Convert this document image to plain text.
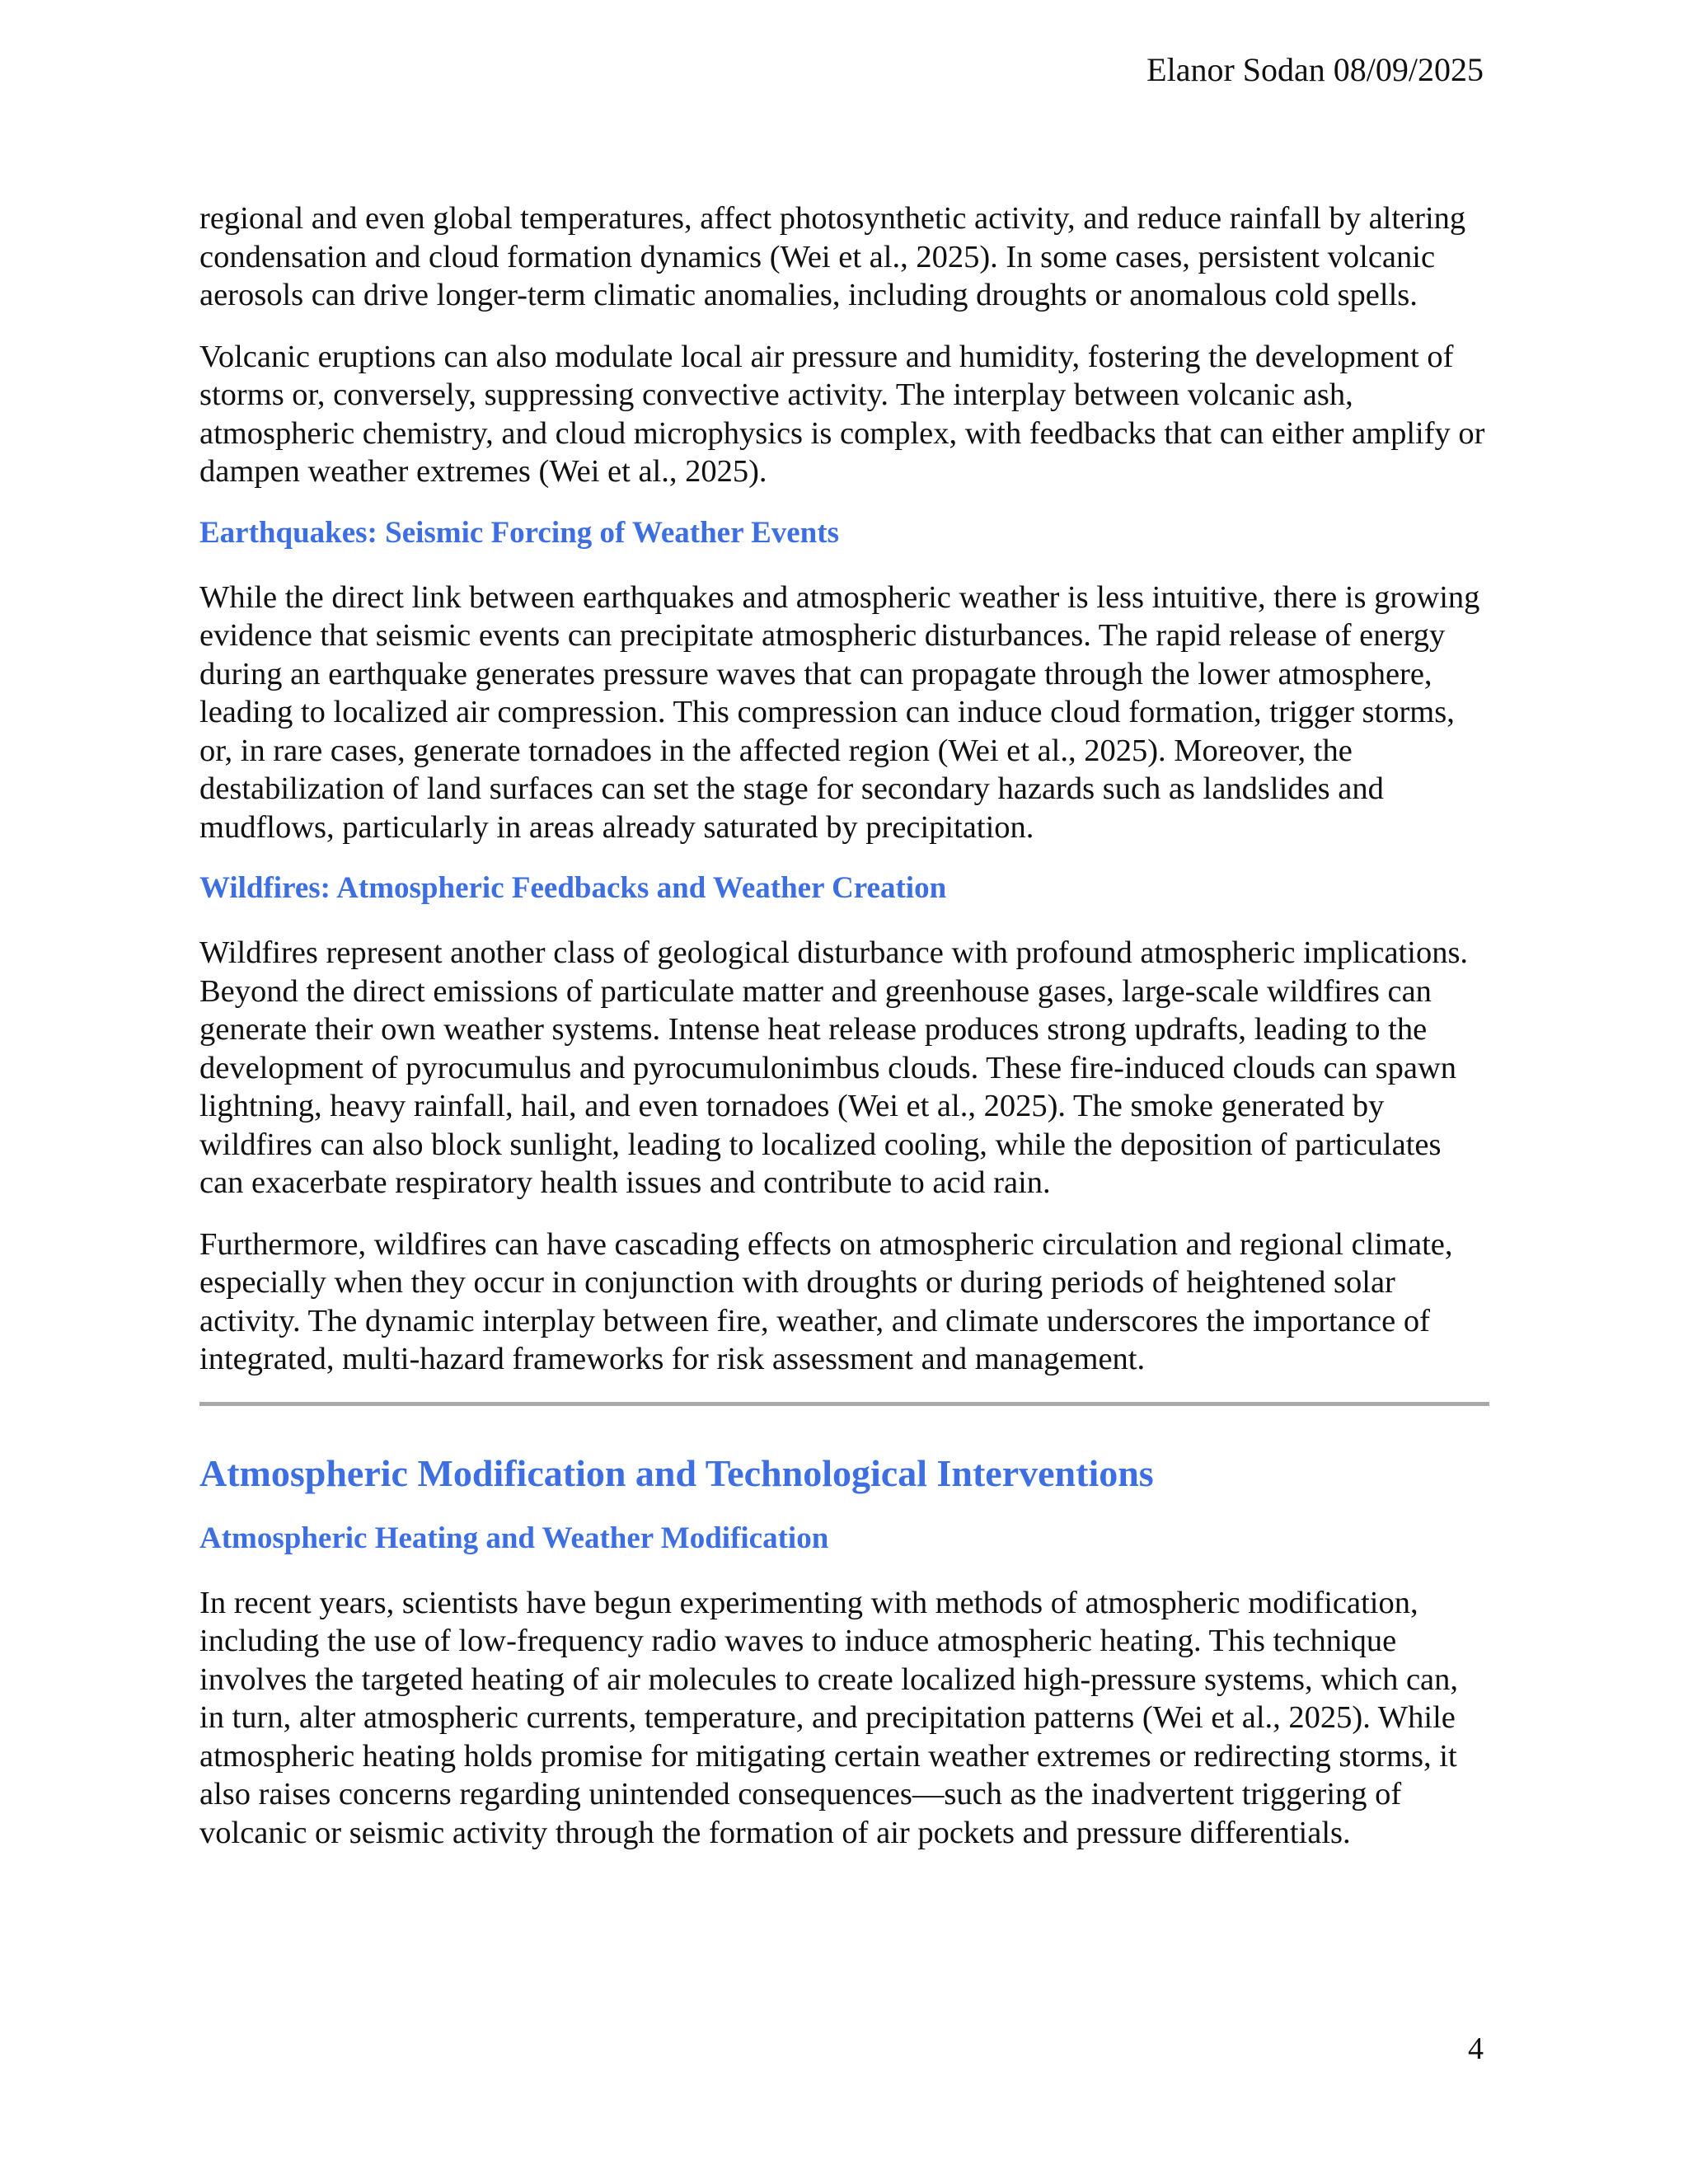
Elanor Sodan 08/09/2025

regional and even global temperatures, affect photosynthetic activity, and reduce rainfall by altering condensation and cloud formation dynamics (Wei et al., 2025). In some cases, persistent volcanic aerosols can drive longer-term climatic anomalies, including droughts or anomalous cold spells.

Volcanic eruptions can also modulate local air pressure and humidity, fostering the development of storms or, conversely, suppressing convective activity. The interplay between volcanic ash, atmospheric chemistry, and cloud microphysics is complex, with feedbacks that can either amplify or dampen weather extremes (Wei et al., 2025).

Earthquakes: Seismic Forcing of Weather Events

While the direct link between earthquakes and atmospheric weather is less intuitive, there is growing evidence that seismic events can precipitate atmospheric disturbances. The rapid release of energy during an earthquake generates pressure waves that can propagate through the lower atmosphere, leading to localized air compression. This compression can induce cloud formation, trigger storms, or, in rare cases, generate tornadoes in the affected region (Wei et al., 2025). Moreover, the destabilization of land surfaces can set the stage for secondary hazards such as landslides and mudflows, particularly in areas already saturated by precipitation.

Wildfires: Atmospheric Feedbacks and Weather Creation

Wildfires represent another class of geological disturbance with profound atmospheric implications. Beyond the direct emissions of particulate matter and greenhouse gases, large-scale wildfires can generate their own weather systems. Intense heat release produces strong updrafts, leading to the development of pyrocumulus and pyrocumulonimbus clouds. These fire-induced clouds can spawn lightning, heavy rainfall, hail, and even tornadoes (Wei et al., 2025). The smoke generated by wildfires can also block sunlight, leading to localized cooling, while the deposition of particulates can exacerbate respiratory health issues and contribute to acid rain.

Furthermore, wildfires can have cascading effects on atmospheric circulation and regional climate, especially when they occur in conjunction with droughts or during periods of heightened solar activity. The dynamic interplay between fire, weather, and climate underscores the importance of integrated, multi-hazard frameworks for risk assessment and management.

Atmospheric Modification and Technological Interventions
Atmospheric Heating and Weather Modification

In recent years, scientists have begun experimenting with methods of atmospheric modification, including the use of low-frequency radio waves to induce atmospheric heating. This technique involves the targeted heating of air molecules to create localized high-pressure systems, which can, in turn, alter atmospheric currents, temperature, and precipitation patterns (Wei et al., 2025). While atmospheric heating holds promise for mitigating certain weather extremes or redirecting storms, it also raises concerns regarding unintended consequences—such as the inadvertent triggering of volcanic or seismic activity through the formation of air pockets and pressure differentials.

4
